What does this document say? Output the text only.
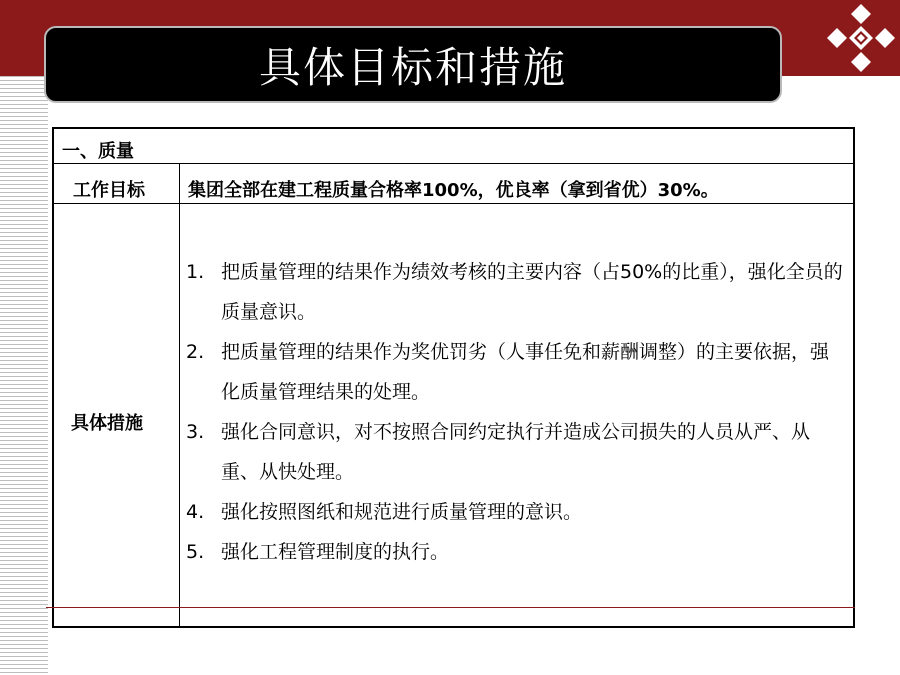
具体目标和措施
一、质量
工作目标 集团全部在建工程质量合格率100%，优良率（拿到省优）30%。
具体措施
1. 把质量管理的结果作为绩效考核的主要内容（占50%的比重），强化全员的质量意识。
2. 把质量管理的结果作为奖优罚劣（人事任免和薪酬调整）的主要依据，强化质量管理结果的处理。
3. 强化合同意识，对不按照合同约定执行并造成公司损失的人员从严、从重、从快处理。
4. 强化按照图纸和规范进行质量管理的意识。
5. 强化工程管理制度的执行。
